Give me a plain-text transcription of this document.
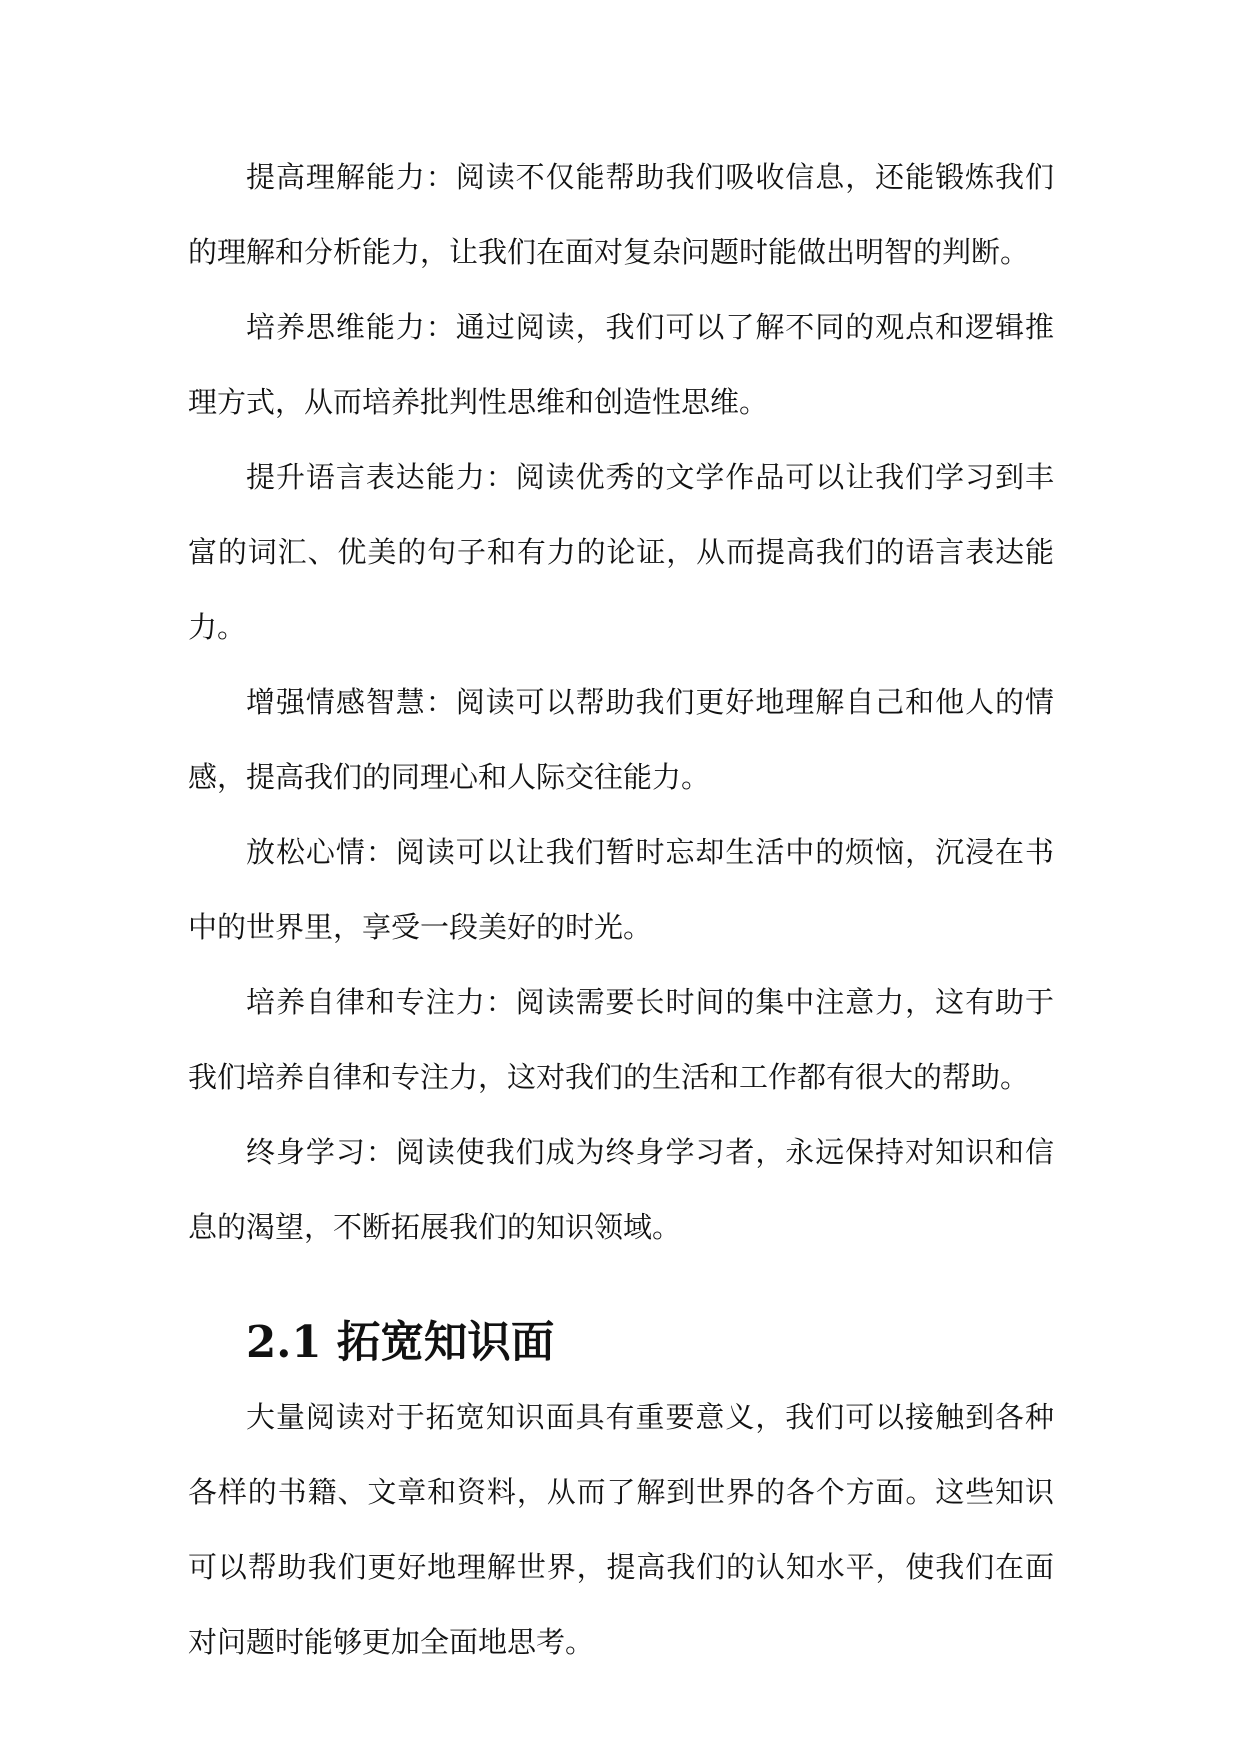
提高理解能力：阅读不仅能帮助我们吸收信息，还能锻炼我们的理解和分析能力，让我们在面对复杂问题时能做出明智的判断。

培养思维能力：通过阅读，我们可以了解不同的观点和逻辑推理方式，从而培养批判性思维和创造性思维。

提升语言表达能力：阅读优秀的文学作品可以让我们学习到丰富的词汇、优美的句子和有力的论证，从而提高我们的语言表达能力。

增强情感智慧：阅读可以帮助我们更好地理解自己和他人的情感，提高我们的同理心和人际交往能力。

放松心情：阅读可以让我们暂时忘却生活中的烦恼，沉浸在书中的世界里，享受一段美好的时光。

培养自律和专注力：阅读需要长时间的集中注意力，这有助于我们培养自律和专注力，这对我们的生活和工作都有很大的帮助。

终身学习：阅读使我们成为终身学习者，永远保持对知识和信息的渴望，不断拓展我们的知识领域。

2.1 拓宽知识面

大量阅读对于拓宽知识面具有重要意义，我们可以接触到各种各样的书籍、文章和资料，从而了解到世界的各个方面。这些知识可以帮助我们更好地理解世界，提高我们的认知水平，使我们在面对问题时能够更加全面地思考。
